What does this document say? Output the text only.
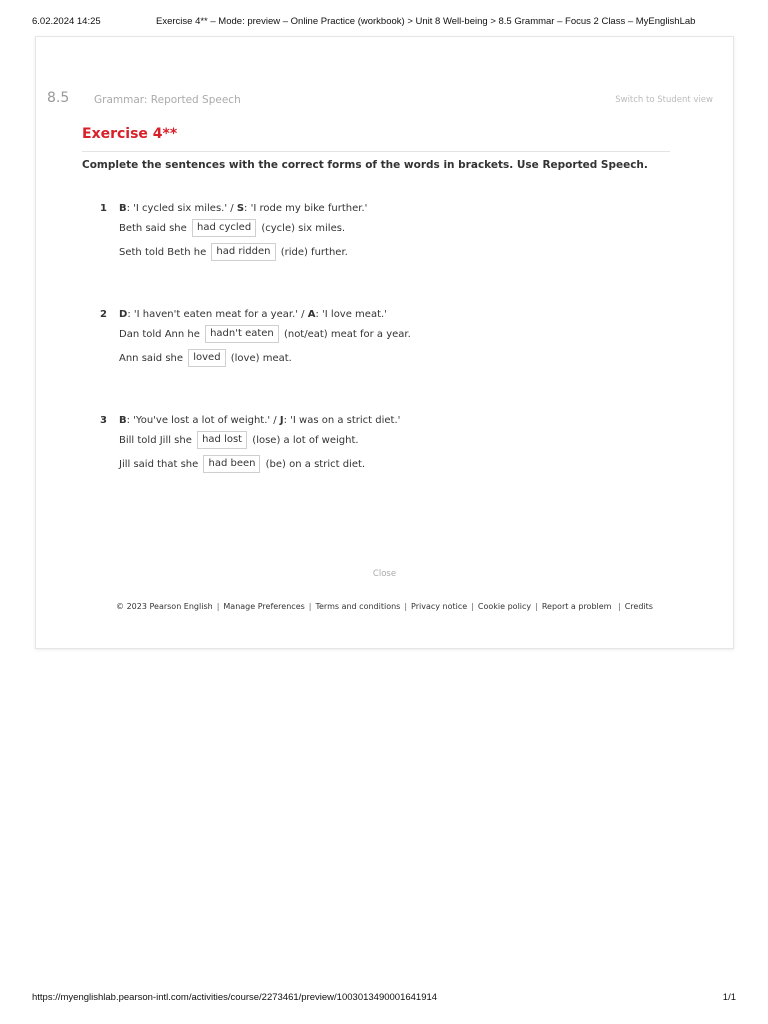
6.02.2024 14:25	Exercise 4** – Mode: preview – Online Practice (workbook) > Unit 8 Well-being > 8.5 Grammar – Focus 2 Class – MyEnglishLab
8.5 Grammar: Reported Speech	Switch to Student view
Exercise 4**
Complete the sentences with the correct forms of the words in brackets. Use Reported Speech.
1	B: 'I cycled six miles.' / S: 'I rode my bike further.'
Beth said she had cycled (cycle) six miles.
Seth told Beth he had ridden (ride) further.
2	D: 'I haven't eaten meat for a year.' / A: 'I love meat.'
Dan told Ann he hadn't eaten (not/eat) meat for a year.
Ann said she loved (love) meat.
3	B: 'You've lost a lot of weight.' / J: 'I was on a strict diet.'
Bill told Jill she had lost (lose) a lot of weight.
Jill said that she had been (be) on a strict diet.
Close
© 2023 Pearson English | Manage Preferences | Terms and conditions | Privacy notice | Cookie policy | Report a problem | Credits
https://myenglishlab.pearson-intl.com/activities/course/2273461/preview/1003013490001641914	1/1
